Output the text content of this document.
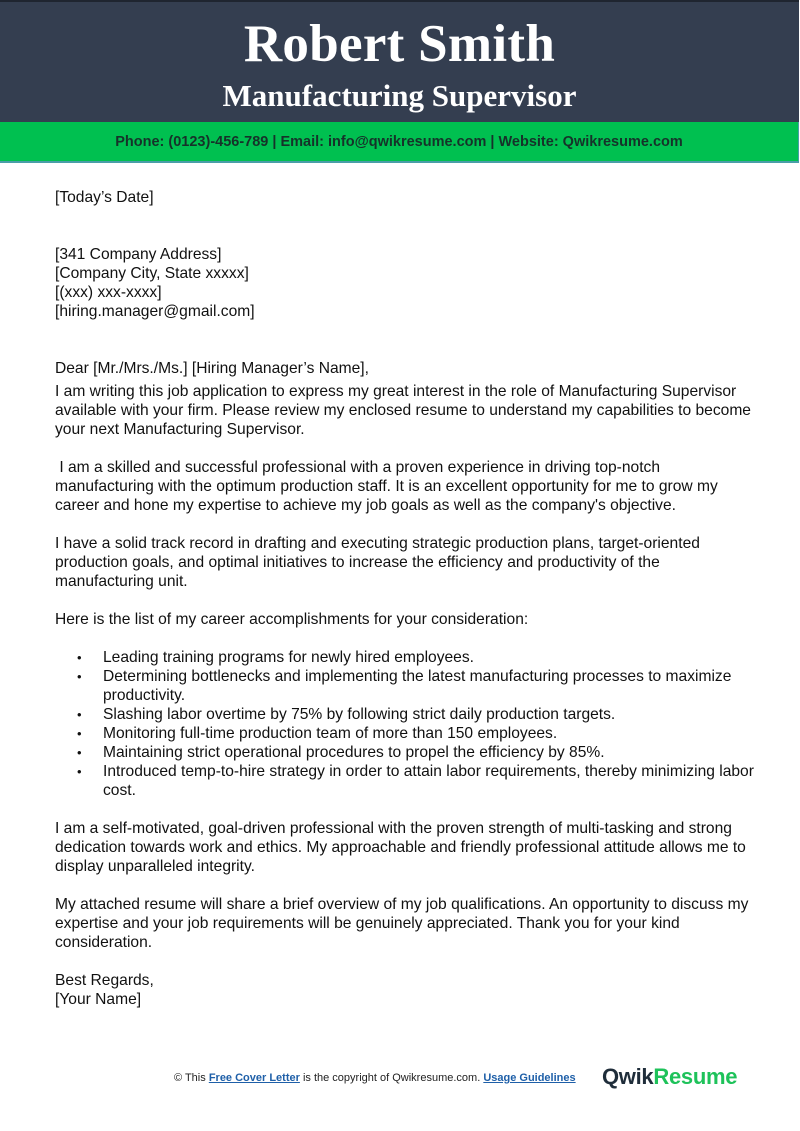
Robert Smith
Manufacturing Supervisor
Phone: (0123)-456-789 | Email: info@qwikresume.com | Website: Qwikresume.com

[Today’s Date]

[341 Company Address]

[Company City, State xxxxx]

[(xxx) xxx-xxxx]

[hiring.manager@gmail.com]

Dear [Mr./Mrs./Ms.] [Hiring Manager’s Name],

I am writing this job application to express my great interest in the role of Manufacturing Supervisor available with your firm. Please review my enclosed resume to understand my capabilities to become your next Manufacturing Supervisor.

I am a skilled and successful professional with a proven experience in driving top-notch manufacturing with the optimum production staff. It is an excellent opportunity for me to grow my career and hone my expertise to achieve my job goals as well as the company's objective.

I have a solid track record in drafting and executing strategic production plans, target-oriented production goals, and optimal initiatives to increase the efficiency and productivity of the manufacturing unit.

Here is the list of my career accomplishments for your consideration:

• Leading training programs for newly hired employees.
• Determining bottlenecks and implementing the latest manufacturing processes to maximize productivity.
• Slashing labor overtime by 75% by following strict daily production targets.
• Monitoring full-time production team of more than 150 employees.
• Maintaining strict operational procedures to propel the efficiency by 85%.
• Introduced temp-to-hire strategy in order to attain labor requirements, thereby minimizing labor cost.

I am a self-motivated, goal-driven professional with the proven strength of multi-tasking and strong dedication towards work and ethics. My approachable and friendly professional attitude allows me to display unparalleled integrity.

My attached resume will share a brief overview of my job qualifications. An opportunity to discuss my expertise and your job requirements will be genuinely appreciated. Thank you for your kind consideration.

Best Regards,

[Your Name]

© This Free Cover Letter is the copyright of Qwikresume.com. Usage Guidelines QwikResume
